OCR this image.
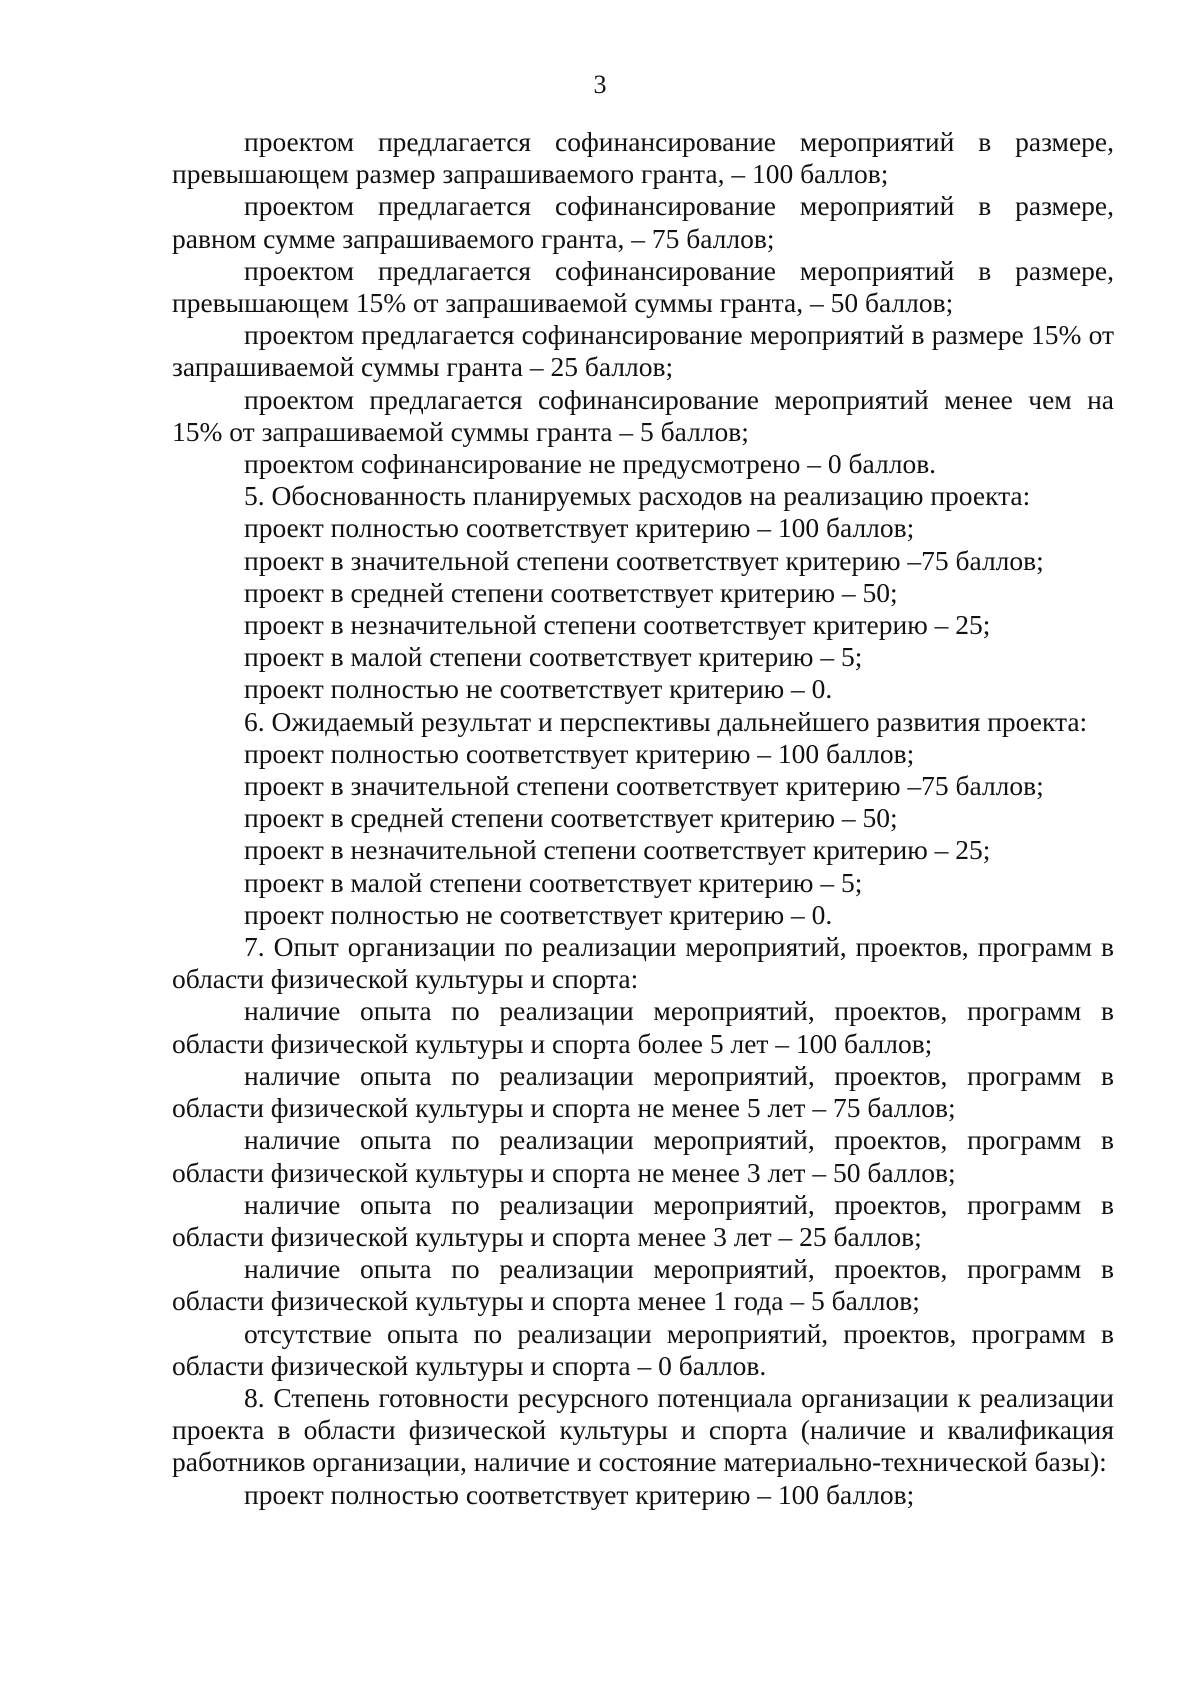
3

проектом предлагается софинансирование мероприятий в размере, превышающем размер запрашиваемого гранта, – 100 баллов;

проектом предлагается софинансирование мероприятий в размере, равном сумме запрашиваемого гранта, – 75 баллов;

проектом предлагается софинансирование мероприятий в размере, превышающем 15% от запрашиваемой суммы гранта, – 50 баллов;

проектом предлагается софинансирование мероприятий в размере 15% от запрашиваемой суммы гранта – 25 баллов;

проектом предлагается софинансирование мероприятий менее чем на 15% от запрашиваемой суммы гранта – 5 баллов;

проектом софинансирование не предусмотрено – 0 баллов.

5. Обоснованность планируемых расходов на реализацию проекта:

проект полностью соответствует критерию – 100 баллов;

проект в значительной степени соответствует критерию –75 баллов;

проект в средней степени соответствует критерию – 50;

проект в незначительной степени соответствует критерию – 25;

проект в малой степени соответствует критерию – 5;

проект полностью не соответствует критерию – 0.

6. Ожидаемый результат и перспективы дальнейшего развития проекта:

проект полностью соответствует критерию – 100 баллов;

проект в значительной степени соответствует критерию –75 баллов;

проект в средней степени соответствует критерию – 50;

проект в незначительной степени соответствует критерию – 25;

проект в малой степени соответствует критерию – 5;

проект полностью не соответствует критерию – 0.

7. Опыт организации по реализации мероприятий, проектов, программ в области физической культуры и спорта:

наличие опыта по реализации мероприятий, проектов, программ в области физической культуры и спорта более 5 лет – 100 баллов;

наличие опыта по реализации мероприятий, проектов, программ в области физической культуры и спорта не менее 5 лет – 75 баллов;

наличие опыта по реализации мероприятий, проектов, программ в области физической культуры и спорта не менее 3 лет – 50 баллов;

наличие опыта по реализации мероприятий, проектов, программ в области физической культуры и спорта менее 3 лет – 25 баллов;

наличие опыта по реализации мероприятий, проектов, программ в области физической культуры и спорта менее 1 года – 5 баллов;

отсутствие опыта по реализации мероприятий, проектов, программ в области физической культуры и спорта – 0 баллов.

8. Степень готовности ресурсного потенциала организации к реализации проекта в области физической культуры и спорта (наличие и квалификация работников организации, наличие и состояние материально-технической базы):

проект полностью соответствует критерию – 100 баллов;
